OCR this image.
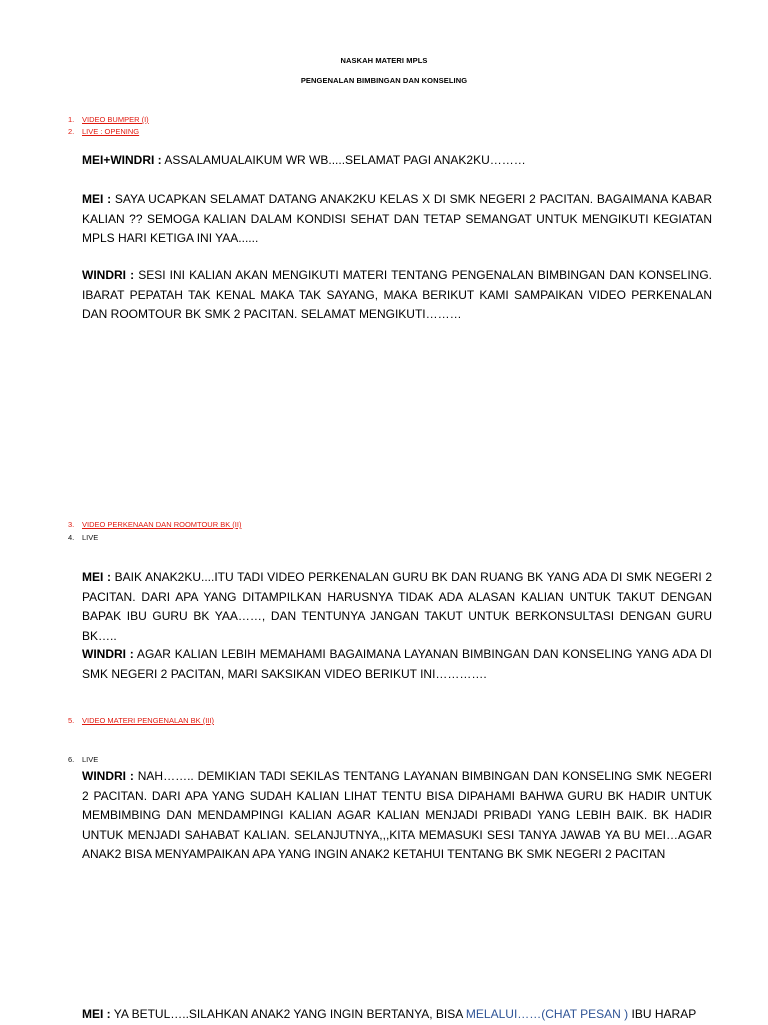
NASKAH MATERI MPLS
PENGENALAN BIMBINGAN DAN KONSELING
1. VIDEO BUMPER (I)
2. LIVE : OPENING
MEI+WINDRI : ASSALAMUALAIKUM WR WB.....SELAMAT PAGI ANAK2KU………
MEI : SAYA UCAPKAN SELAMAT DATANG ANAK2KU KELAS X DI SMK NEGERI 2 PACITAN. BAGAIMANA KABAR KALIAN ?? SEMOGA KALIAN DALAM KONDISI SEHAT DAN TETAP SEMANGAT UNTUK MENGIKUTI KEGIATAN MPLS HARI KETIGA INI YAA......
WINDRI : SESI INI KALIAN AKAN MENGIKUTI MATERI TENTANG PENGENALAN BIMBINGAN DAN KONSELING. IBARAT PEPATAH TAK KENAL MAKA TAK SAYANG, MAKA BERIKUT KAMI SAMPAIKAN VIDEO PERKENALAN DAN ROOMTOUR BK SMK 2 PACITAN. SELAMAT MENGIKUTI………
3. VIDEO PERKENAAN DAN ROOMTOUR BK (II)
4. LIVE
MEI : BAIK ANAK2KU....ITU TADI VIDEO PERKENALAN GURU BK DAN RUANG BK YANG ADA DI SMK NEGERI 2 PACITAN. DARI APA YANG DITAMPILKAN HARUSNYA TIDAK ADA ALASAN KALIAN UNTUK TAKUT DENGAN BAPAK IBU GURU BK YAA……, DAN TENTUNYA JANGAN TAKUT UNTUK BERKONSULTASI DENGAN GURU BK…..
WINDRI : AGAR KALIAN LEBIH MEMAHAMI BAGAIMANA LAYANAN BIMBINGAN DAN KONSELING YANG ADA DI SMK NEGERI 2 PACITAN, MARI SAKSIKAN VIDEO BERIKUT INI………….
5. VIDEO MATERI PENGENALAN BK (III)
6. LIVE
WINDRI : NAH…….. DEMIKIAN TADI SEKILAS TENTANG LAYANAN BIMBINGAN DAN KONSELING SMK NEGERI 2 PACITAN. DARI APA YANG SUDAH KALIAN LIHAT TENTU BISA DIPAHAMI BAHWA GURU BK HADIR UNTUK MEMBIMBING DAN MENDAMPINGI KALIAN AGAR KALIAN MENJADI PRIBADI YANG LEBIH BAIK. BK HADIR UNTUK MENJADI SAHABAT KALIAN. SELANJUTNYA,,,KITA MEMASUKI SESI TANYA JAWAB YA BU MEI…AGAR ANAK2 BISA MENYAMPAIKAN APA YANG INGIN ANAK2 KETAHUI TENTANG BK SMK NEGERI 2 PACITAN
MEI : YA BETUL…..SILAHKAN ANAK2 YANG INGIN BERTANYA, BISA MELALUI……(CHAT PESAN ) IBU HARAP
